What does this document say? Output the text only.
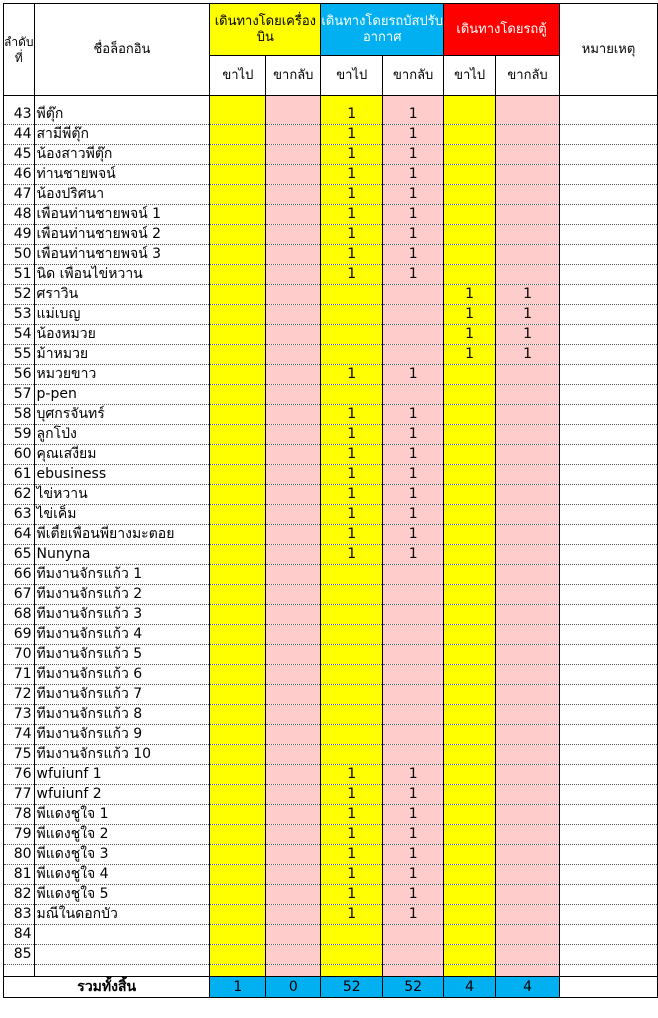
ลำดับที่	ชื่อล็อกอิน	เดินทางโดยเครื่องบิน		เดินทางโดยรถบัสปรับอากาศ		เดินทางโดยรถตู้		หมายเหตุ
		ขาไป	ขากลับ	ขาไป	ขากลับ	ขาไป	ขากลับ	

43	พี่ตุ๊ก			1	1			
44	สามีพี่ตุ๊ก			1	1			
45	น้องสาวพี่ตุ๊ก			1	1			
46	ท่านชายพจน์			1	1			
47	น้องปริศนา			1	1			
48	เพื่อนท่านชายพจน์ 1			1	1			
49	เพื่อนท่านชายพจน์ 2			1	1			
50	เพื่อนท่านชายพจน์ 3			1	1			
51	นิด เพื่อนไข่หวาน			1	1			
52	ศราวิน					1	1	
53	แม่เบญ					1	1	
54	น้องหมวย					1	1	
55	ม้าหมวย					1	1	
56	หมวยขาว			1	1			
57	p-pen							
58	บุศกรจันทร์			1	1			
59	ลูกโป่ง			1	1			
60	คุณเสงี่ยม			1	1			
61	ebusiness			1	1			
62	ไข่หวาน			1	1			
63	ไข่เค็ม			1	1			
64	พี่เตี้ยเพื่อนพี่ยางมะตอย			1	1			
65	Nunyna			1	1			
66	ทีมงานจักรแก้ว 1							
67	ทีมงานจักรแก้ว 2							
68	ทีมงานจักรแก้ว 3							
69	ทีมงานจักรแก้ว 4							
70	ทีมงานจักรแก้ว 5							
71	ทีมงานจักรแก้ว 6							
72	ทีมงานจักรแก้ว 7							
73	ทีมงานจักรแก้ว 8							
74	ทีมงานจักรแก้ว 9							
75	ทีมงานจักรแก้ว 10							
76	wfuiunf 1			1	1			
77	wfuiunf 2			1	1			
78	พี่แดงชูใจ 1			1	1			
79	พี่แดงชูใจ 2			1	1			
80	พี่แดงชูใจ 3			1	1			
81	พี่แดงชูใจ 4			1	1			
82	พี่แดงชูใจ 5			1	1			
83	มณีในดอกบัว			1	1			
84								
85								

รวมทั้งสิ้น		1	0	52	52	4	4	
